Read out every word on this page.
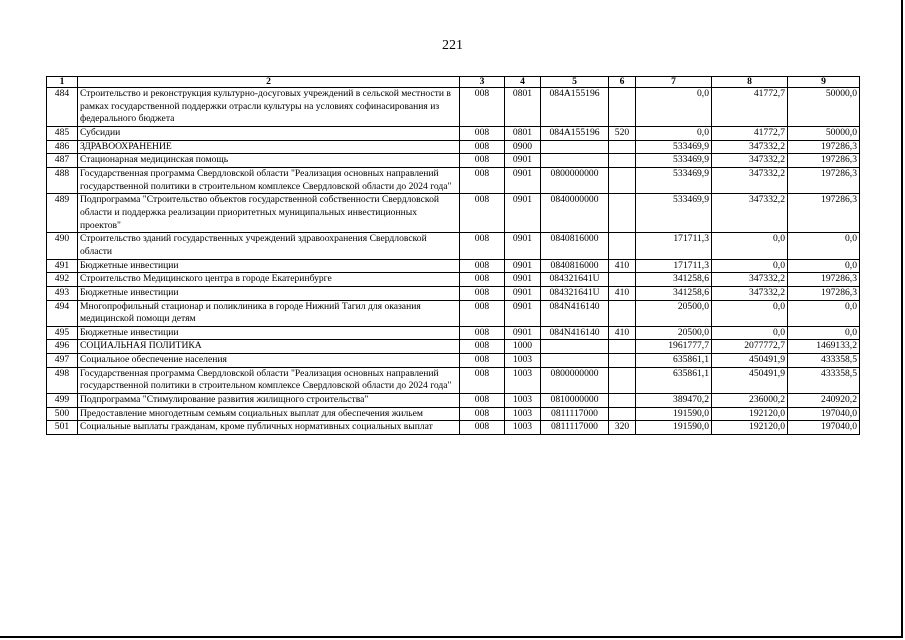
221
1	2	3	4	5	6	7	8	9
484	Строительство и реконструкция культурно-досуговых учреждений в сельской местности в рамках государственной поддержки отрасли культуры на условиях софинасирования из федерального бюджета	008	0801	084А155196		0,0	41772,7	50000,0
485	Субсидии	008	0801	084А155196	520	0,0	41772,7	50000,0
486	ЗДРАВООХРАНЕНИЕ	008	0900			533469,9	347332,2	197286,3
487	Стационарная медицинская помощь	008	0901			533469,9	347332,2	197286,3
488	Государственная программа Свердловской области "Реализация основных направлений государственной политики в строительном комплексе Свердловской области до 2024 года"	008	0901	0800000000		533469,9	347332,2	197286,3
489	Подпрограмма "Строительство объектов государственной собственности Свердловской области и поддержка реализации приоритетных муниципальных инвестиционных проектов"	008	0901	0840000000		533469,9	347332,2	197286,3
490	Строительство зданий государственных учреждений здравоохранения Свердловской области	008	0901	0840816000		171711,3	0,0	0,0
491	Бюджетные инвестиции	008	0901	0840816000	410	171711,3	0,0	0,0
492	Строительство Медицинского центра в городе Екатеринбурге	008	0901	084321641U		341258,6	347332,2	197286,3
493	Бюджетные инвестиции	008	0901	084321641U	410	341258,6	347332,2	197286,3
494	Многопрофильный стационар и поликлиника в городе Нижний Тагил для оказания медицинской помощи детям	008	0901	084N416140		20500,0	0,0	0,0
495	Бюджетные инвестиции	008	0901	084N416140	410	20500,0	0,0	0,0
496	СОЦИАЛЬНАЯ ПОЛИТИКА	008	1000			1961777,7	2077772,7	1469133,2
497	Социальное обеспечение населения	008	1003			635861,1	450491,9	433358,5
498	Государственная программа Свердловской области "Реализация основных направлений государственной политики в строительном комплексе Свердловской области до 2024 года"	008	1003	0800000000		635861,1	450491,9	433358,5
499	Подпрограмма "Стимулирование развития жилищного строительства"	008	1003	0810000000		389470,2	236000,2	240920,2
500	Предоставление многодетным семьям социальных выплат для обеспечения жильем	008	1003	0811117000		191590,0	192120,0	197040,0
501	Социальные выплаты гражданам, кроме публичных нормативных социальных выплат	008	1003	0811117000	320	191590,0	192120,0	197040,0
